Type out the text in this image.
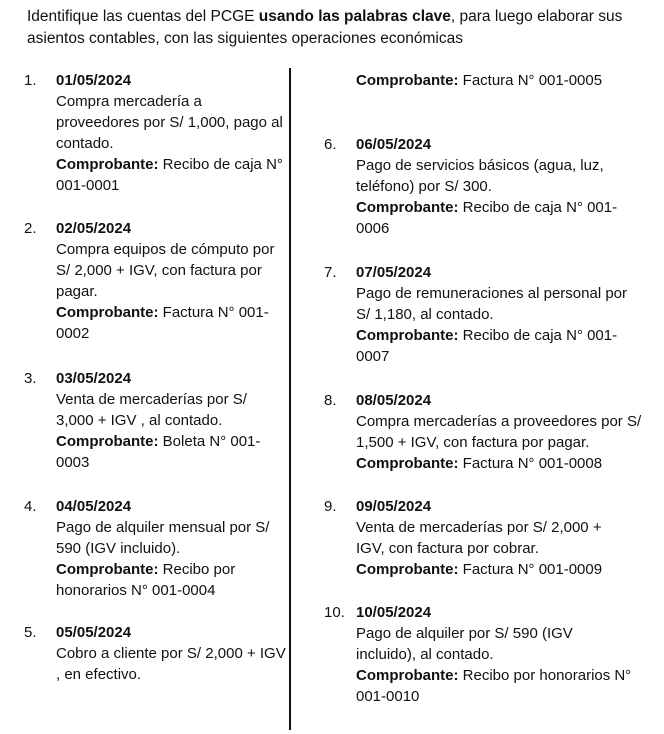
Identifique las cuentas del PCGE usando las palabras clave, para luego elaborar sus asientos contables, con las siguientes operaciones económicas
1. 01/05/2024
Compra mercadería a proveedores por S/ 1,000, pago al contado.
Comprobante: Recibo de caja N° 001-0001
2. 02/05/2024
Compra equipos de cómputo por S/ 2,000 + IGV, con factura por pagar.
Comprobante: Factura N° 001-0002
3. 03/05/2024
Venta de mercaderías por S/ 3,000 + IGV , al contado.
Comprobante: Boleta N° 001-0003
4. 04/05/2024
Pago de alquiler mensual por S/ 590 (IGV incluido).
Comprobante: Recibo por honorarios N° 001-0004
5. 05/05/2024
Cobro a cliente por S/ 2,000 + IGV , en efectivo.
Comprobante: Factura N° 001-0005
6. 06/05/2024
Pago de servicios básicos (agua, luz, teléfono) por S/ 300.
Comprobante: Recibo de caja N° 001-0006
7. 07/05/2024
Pago de remuneraciones al personal por S/ 1,180, al contado.
Comprobante: Recibo de caja N° 001-0007
8. 08/05/2024
Compra mercaderías a proveedores por S/ 1,500 + IGV, con factura por pagar.
Comprobante: Factura N° 001-0008
9. 09/05/2024
Venta de mercaderías por S/ 2,000 + IGV, con factura por cobrar.
Comprobante: Factura N° 001-0009
10. 10/05/2024
Pago de alquiler por S/ 590 (IGV incluido), al contado.
Comprobante: Recibo por honorarios N° 001-0010
